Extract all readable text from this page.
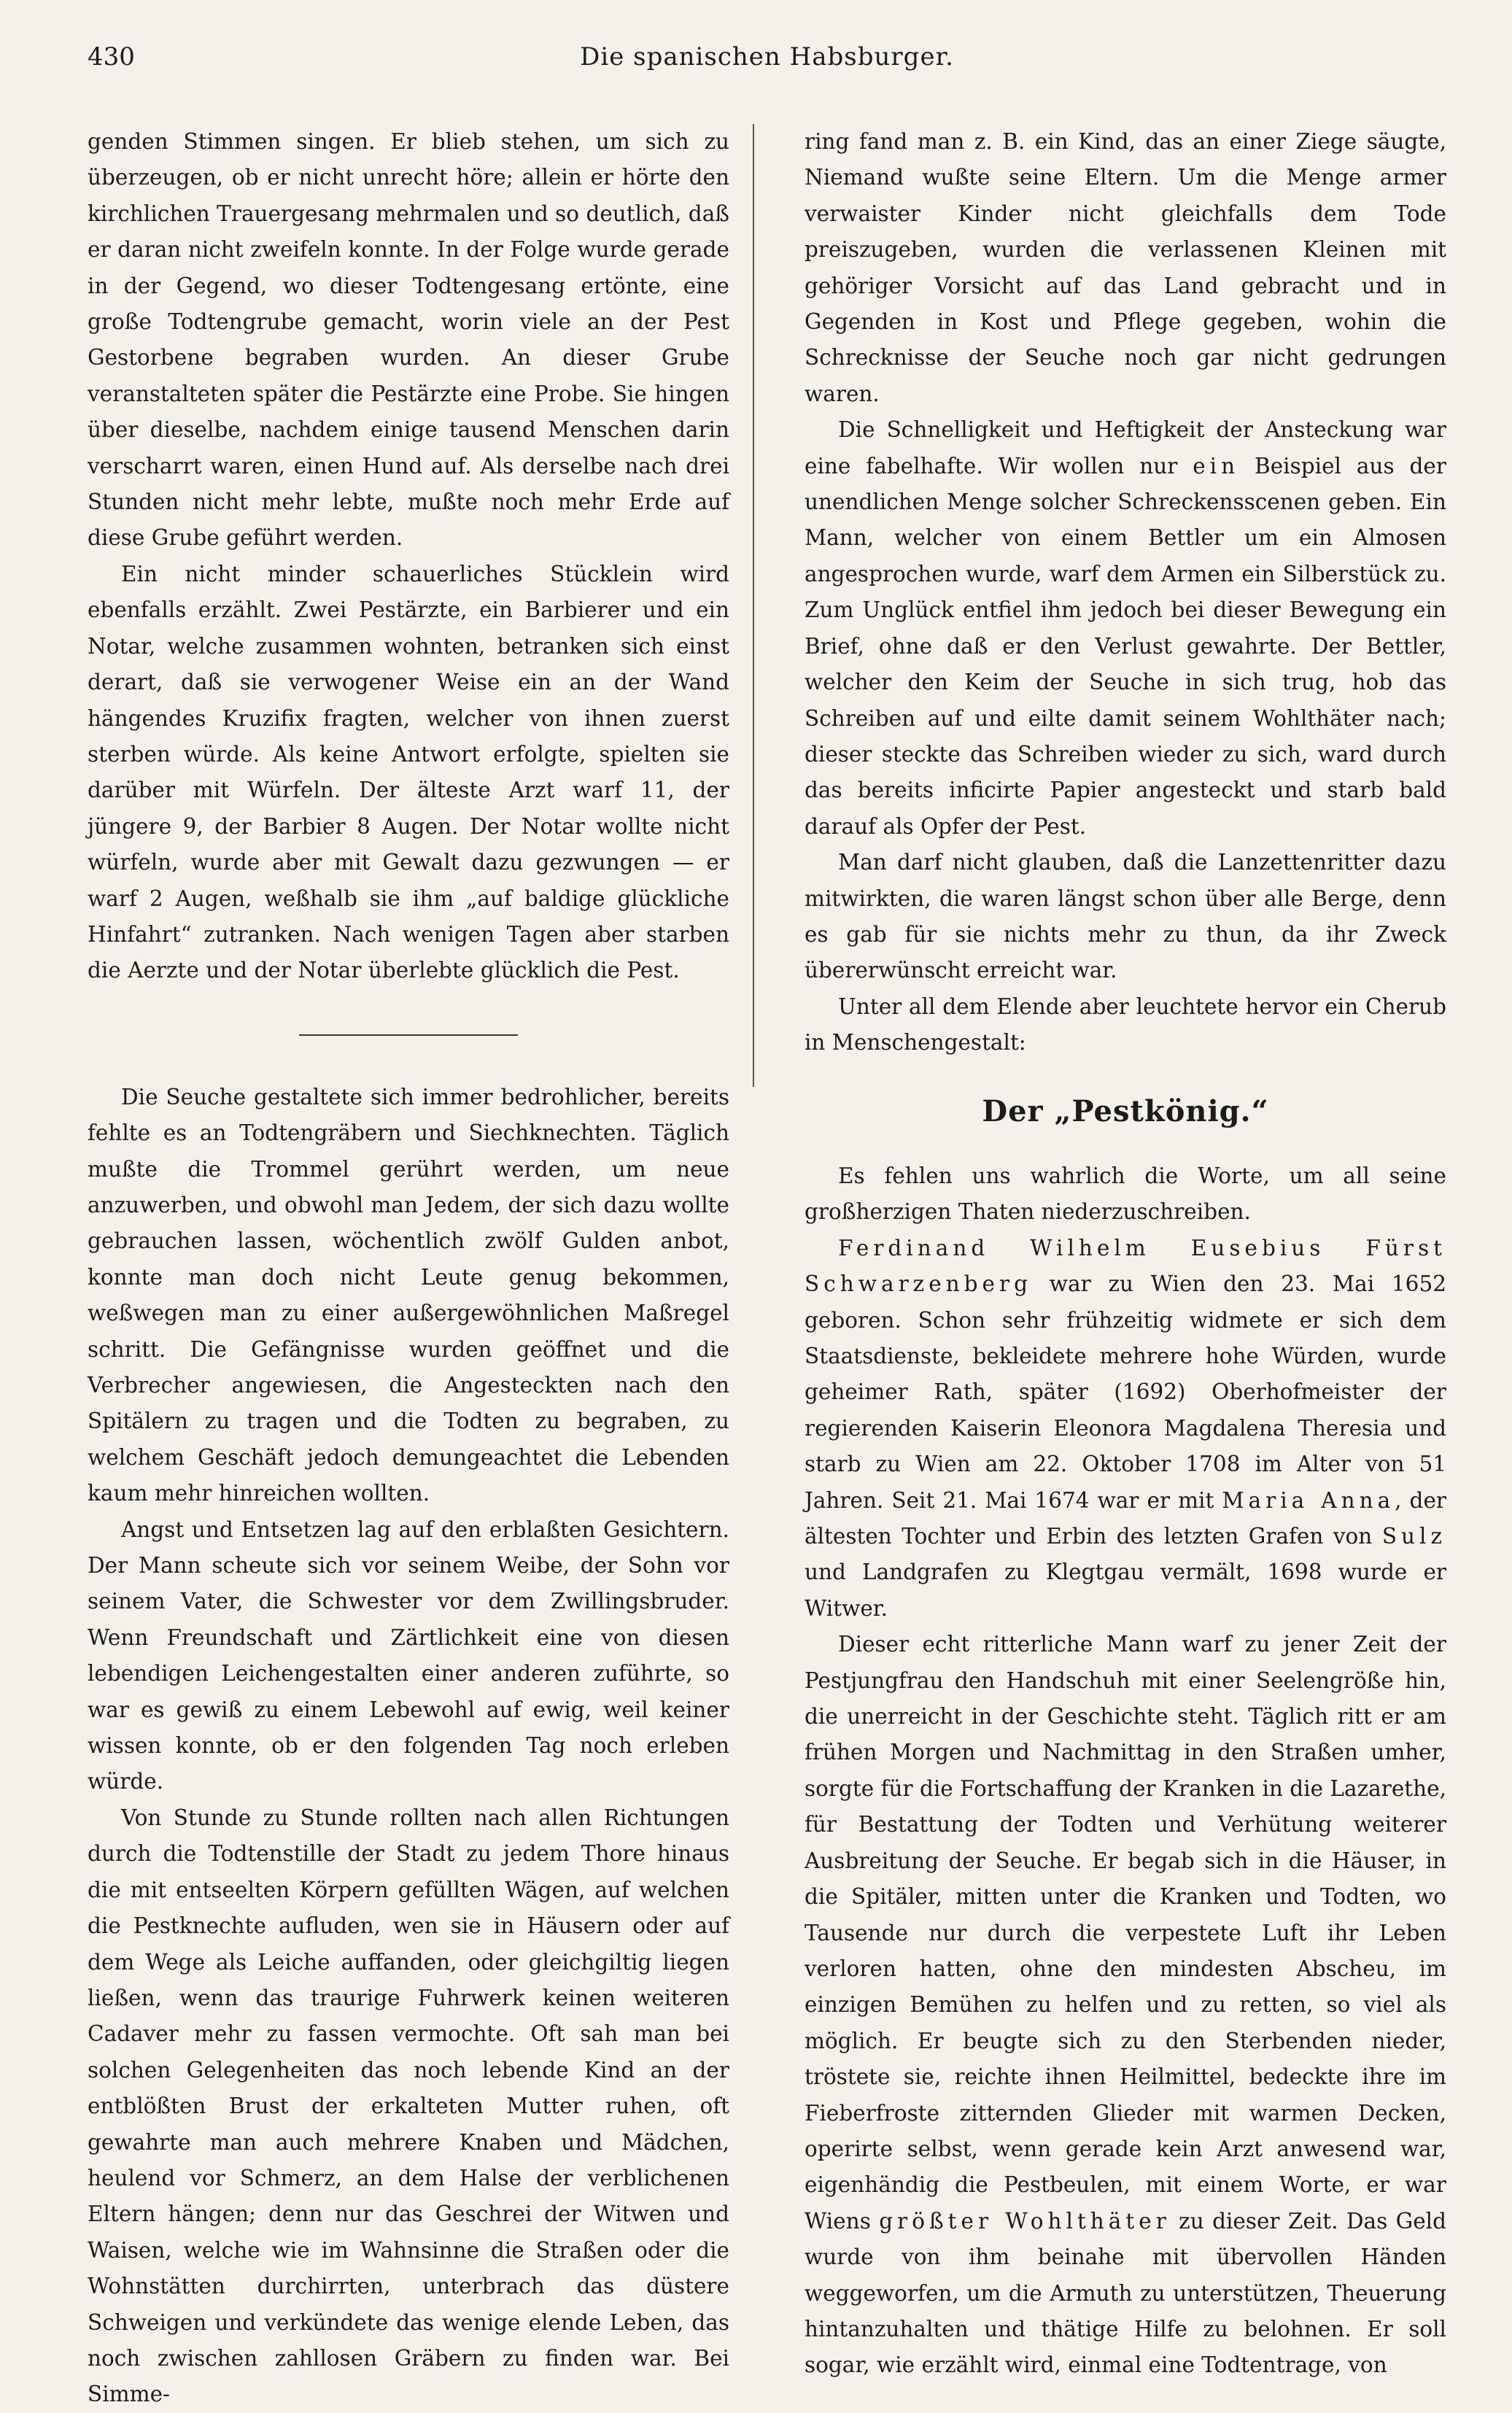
430	Die spanischen Habsburger.

genden Stimmen singen. Er blieb stehen, um sich zu überzeugen, ob er nicht unrecht höre; allein er hörte den kirchlichen Trauergesang mehrmalen und so deutlich, daß er daran nicht zweifeln konnte. In der Folge wurde gerade in der Gegend, wo dieser Todtengesang ertönte, eine große Todtengrube gemacht, worin viele an der Pest Gestorbene begraben wurden. An dieser Grube veranstalteten später die Pestärzte eine Probe. Sie hingen über dieselbe, nachdem einige tausend Menschen darin verscharrt waren, einen Hund auf. Als derselbe nach drei Stunden nicht mehr lebte, mußte noch mehr Erde auf diese Grube geführt werden.

Ein nicht minder schauerliches Stücklein wird ebenfalls erzählt. Zwei Pestärzte, ein Barbierer und ein Notar, welche zusammen wohnten, betranken sich einst derart, daß sie verwogener Weise ein an der Wand hängendes Kruzifix fragten, welcher von ihnen zuerst sterben würde. Als keine Antwort erfolgte, spielten sie darüber mit Würfeln. Der älteste Arzt warf 11, der jüngere 9, der Barbier 8 Augen. Der Notar wollte nicht würfeln, wurde aber mit Gewalt dazu gezwungen — er warf 2 Augen, weßhalb sie ihm „auf baldige glückliche Hinfahrt“ zutranken. Nach wenigen Tagen aber starben die Aerzte und der Notar überlebte glücklich die Pest.

Die Seuche gestaltete sich immer bedrohlicher, bereits fehlte es an Todtengräbern und Siechknechten. Täglich mußte die Trommel gerührt werden, um neue anzuwerben, und obwohl man Jedem, der sich dazu wollte gebrauchen lassen, wöchentlich zwölf Gulden anbot, konnte man doch nicht Leute genug bekommen, weßwegen man zu einer außergewöhnlichen Maßregel schritt. Die Gefängnisse wurden geöffnet und die Verbrecher angewiesen, die Angesteckten nach den Spitälern zu tragen und die Todten zu begraben, zu welchem Geschäft jedoch demungeachtet die Lebenden kaum mehr hinreichen wollten.

Angst und Entsetzen lag auf den erblaßten Gesichtern. Der Mann scheute sich vor seinem Weibe, der Sohn vor seinem Vater, die Schwester vor dem Zwillingsbruder. Wenn Freundschaft und Zärtlichkeit eine von diesen lebendigen Leichengestalten einer anderen zuführte, so war es gewiß zu einem Lebewohl auf ewig, weil keiner wissen konnte, ob er den folgenden Tag noch erleben würde.

Von Stunde zu Stunde rollten nach allen Richtungen durch die Todtenstille der Stadt zu jedem Thore hinaus die mit entseelten Körpern gefüllten Wägen, auf welchen die Pestknechte aufluden, wen sie in Häusern oder auf dem Wege als Leiche auffanden, oder gleichgiltig liegen ließen, wenn das traurige Fuhrwerk keinen weiteren Cadaver mehr zu fassen vermochte. Oft sah man bei solchen Gelegenheiten das noch lebende Kind an der entblößten Brust der erkalteten Mutter ruhen, oft gewahrte man auch mehrere Knaben und Mädchen, heulend vor Schmerz, an dem Halse der verblichenen Eltern hängen; denn nur das Geschrei der Witwen und Waisen, welche wie im Wahnsinne die Straßen oder die Wohnstätten durchirrten, unterbrach das düstere Schweigen und verkündete das wenige elende Leben, das noch zwischen zahllosen Gräbern zu finden war. Bei Simme-

ring fand man z. B. ein Kind, das an einer Ziege säugte, Niemand wußte seine Eltern. Um die Menge armer verwaister Kinder nicht gleichfalls dem Tode preiszugeben, wurden die verlassenen Kleinen mit gehöriger Vorsicht auf das Land gebracht und in Gegenden in Kost und Pflege gegeben, wohin die Schrecknisse der Seuche noch gar nicht gedrungen waren.

Die Schnelligkeit und Heftigkeit der Ansteckung war eine fabelhafte. Wir wollen nur ein Beispiel aus der unendlichen Menge solcher Schreckensscenen geben. Ein Mann, welcher von einem Bettler um ein Almosen angesprochen wurde, warf dem Armen ein Silberstück zu. Zum Unglück entfiel ihm jedoch bei dieser Bewegung ein Brief, ohne daß er den Verlust gewahrte. Der Bettler, welcher den Keim der Seuche in sich trug, hob das Schreiben auf und eilte damit seinem Wohlthäter nach; dieser steckte das Schreiben wieder zu sich, ward durch das bereits inficirte Papier angesteckt und starb bald darauf als Opfer der Pest.

Man darf nicht glauben, daß die Lanzettenritter dazu mitwirkten, die waren längst schon über alle Berge, denn es gab für sie nichts mehr zu thun, da ihr Zweck übererwünscht erreicht war.

Unter all dem Elende aber leuchtete hervor ein Cherub in Menschengestalt:

Der „Pestkönig.“

Es fehlen uns wahrlich die Worte, um all seine großherzigen Thaten niederzuschreiben.

Ferdinand Wilhelm Eusebius Fürst Schwarzenberg war zu Wien den 23. Mai 1652 geboren. Schon sehr frühzeitig widmete er sich dem Staatsdienste, bekleidete mehrere hohe Würden, wurde geheimer Rath, später (1692) Oberhofmeister der regierenden Kaiserin Eleonora Magdalena Theresia und starb zu Wien am 22. Oktober 1708 im Alter von 51 Jahren. Seit 21. Mai 1674 war er mit Maria Anna, der ältesten Tochter und Erbin des letzten Grafen von Sulz und Landgrafen zu Klegtgau vermält, 1698 wurde er Witwer.

Dieser echt ritterliche Mann warf zu jener Zeit der Pestjungfrau den Handschuh mit einer Seelengröße hin, die unerreicht in der Geschichte steht. Täglich ritt er am frühen Morgen und Nachmittag in den Straßen umher, sorgte für die Fortschaffung der Kranken in die Lazarethe, für Bestattung der Todten und Verhütung weiterer Ausbreitung der Seuche. Er begab sich in die Häuser, in die Spitäler, mitten unter die Kranken und Todten, wo Tausende nur durch die verpestete Luft ihr Leben verloren hatten, ohne den mindesten Abscheu, im einzigen Bemühen zu helfen und zu retten, so viel als möglich. Er beugte sich zu den Sterbenden nieder, tröstete sie, reichte ihnen Heilmittel, bedeckte ihre im Fieberfroste zitternden Glieder mit warmen Decken, operirte selbst, wenn gerade kein Arzt anwesend war, eigenhändig die Pestbeulen, mit einem Worte, er war Wiens größter Wohlthäter zu dieser Zeit. Das Geld wurde von ihm beinahe mit übervollen Händen weggeworfen, um die Armuth zu unterstützen, Theuerung hintanzuhalten und thätige Hilfe zu belohnen. Er soll sogar, wie erzählt wird, einmal eine Todtentrage, von
